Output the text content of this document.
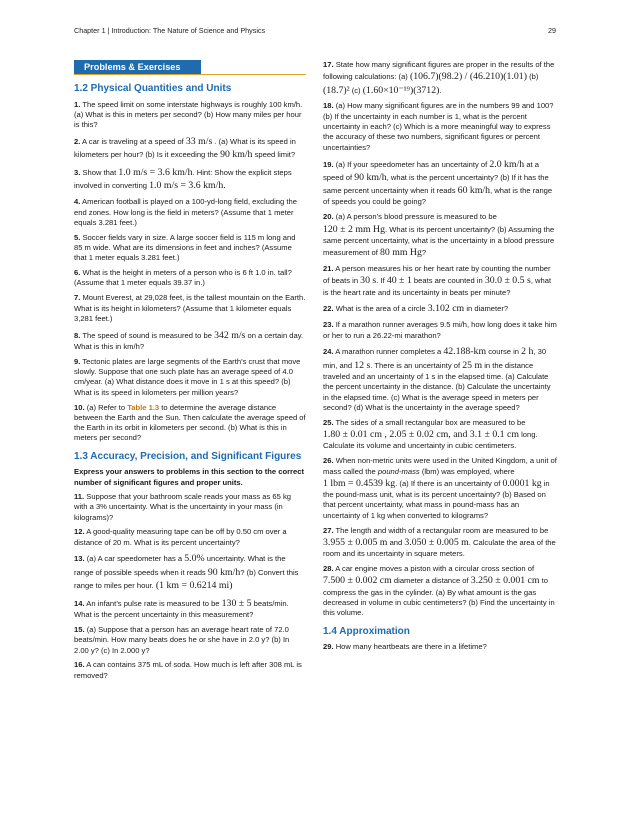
Chapter 1 | Introduction: The Nature of Science and Physics	29
Problems & Exercises
1.2 Physical Quantities and Units

1. The speed limit on some interstate highways is roughly 100 km/h. (a) What is this in meters per second? (b) How many miles per hour is this?

2. A car is traveling at a speed of 33 m/s . (a) What is its speed in kilometers per hour? (b) Is it exceeding the 90 km/h speed limit?

3. Show that 1.0 m/s = 3.6 km/h. Hint: Show the explicit steps involved in converting 1.0 m/s = 3.6 km/h.

4. American football is played on a 100-yd-long field, excluding the end zones. How long is the field in meters? (Assume that 1 meter equals 3.281 feet.)

5. Soccer fields vary in size. A large soccer field is 115 m long and 85 m wide. What are its dimensions in feet and inches? (Assume that 1 meter equals 3.281 feet.)

6. What is the height in meters of a person who is 6 ft 1.0 in. tall? (Assume that 1 meter equals 39.37 in.)

7. Mount Everest, at 29,028 feet, is the tallest mountain on the Earth. What is its height in kilometers? (Assume that 1 kilometer equals 3,281 feet.)

8. The speed of sound is measured to be 342 m/s on a certain day. What is this in km/h?

9. Tectonic plates are large segments of the Earth’s crust that move slowly. Suppose that one such plate has an average speed of 4.0 cm/year. (a) What distance does it move in 1 s at this speed? (b) What is its speed in kilometers per million years?

10. (a) Refer to Table 1.3 to determine the average distance between the Earth and the Sun. Then calculate the average speed of the Earth in its orbit in kilometers per second. (b) What is this in meters per second?

1.3 Accuracy, Precision, and Significant Figures

Express your answers to problems in this section to the correct number of significant figures and proper units.

11. Suppose that your bathroom scale reads your mass as 65 kg with a 3% uncertainty. What is the uncertainty in your mass (in kilograms)?

12. A good-quality measuring tape can be off by 0.50 cm over a distance of 20 m. What is its percent uncertainty?

13. (a) A car speedometer has a 5.0% uncertainty. What is the range of possible speeds when it reads 90 km/h? (b) Convert this range to miles per hour. (1 km = 0.6214 mi)

14. An infant’s pulse rate is measured to be 130 ± 5 beats/min. What is the percent uncertainty in this measurement?

15. (a) Suppose that a person has an average heart rate of 72.0 beats/min. How many beats does he or she have in 2.0 y? (b) In 2.00 y? (c) In 2.000 y?

16. A can contains 375 mL of soda. How much is left after 308 mL is removed?

17. State how many significant figures are proper in the results of the following calculations: (a) (106.7)(98.2) / (46.210)(1.01) (b) (18.7)² (c) (1.60×10⁻¹⁹)(3712).

18. (a) How many significant figures are in the numbers 99 and 100? (b) If the uncertainty in each number is 1, what is the percent uncertainty in each? (c) Which is a more meaningful way to express the accuracy of these two numbers, significant figures or percent uncertainties?

19. (a) If your speedometer has an uncertainty of 2.0 km/h at a speed of 90 km/h, what is the percent uncertainty? (b) If it has the same percent uncertainty when it reads 60 km/h, what is the range of speeds you could be going?

20. (a) A person’s blood pressure is measured to be 120 ± 2 mm Hg. What is its percent uncertainty? (b) Assuming the same percent uncertainty, what is the uncertainty in a blood pressure measurement of 80 mm Hg?

21. A person measures his or her heart rate by counting the number of beats in 30 s. If 40 ± 1 beats are counted in 30.0 ± 0.5 s, what is the heart rate and its uncertainty in beats per minute?

22. What is the area of a circle 3.102 cm in diameter?

23. If a marathon runner averages 9.5 mi/h, how long does it take him or her to run a 26.22-mi marathon?

24. A marathon runner completes a 42.188-km course in 2 h, 30 min, and 12 s. There is an uncertainty of 25 m in the distance traveled and an uncertainty of 1 s in the elapsed time. (a) Calculate the percent uncertainty in the distance. (b) Calculate the uncertainty in the elapsed time. (c) What is the average speed in meters per second? (d) What is the uncertainty in the average speed?

25. The sides of a small rectangular box are measured to be 1.80 ± 0.01 cm , 2.05 ± 0.02 cm, and 3.1 ± 0.1 cm long. Calculate its volume and uncertainty in cubic centimeters.

26. When non-metric units were used in the United Kingdom, a unit of mass called the pound-mass (lbm) was employed, where 1 lbm = 0.4539 kg. (a) If there is an uncertainty of 0.0001 kg in the pound-mass unit, what is its percent uncertainty? (b) Based on that percent uncertainty, what mass in pound-mass has an uncertainty of 1 kg when converted to kilograms?

27. The length and width of a rectangular room are measured to be 3.955 ± 0.005 m and 3.050 ± 0.005 m. Calculate the area of the room and its uncertainty in square meters.

28. A car engine moves a piston with a circular cross section of 7.500 ± 0.002 cm diameter a distance of 3.250 ± 0.001 cm to compress the gas in the cylinder. (a) By what amount is the gas decreased in volume in cubic centimeters? (b) Find the uncertainty in this volume.

1.4 Approximation

29. How many heartbeats are there in a lifetime?
